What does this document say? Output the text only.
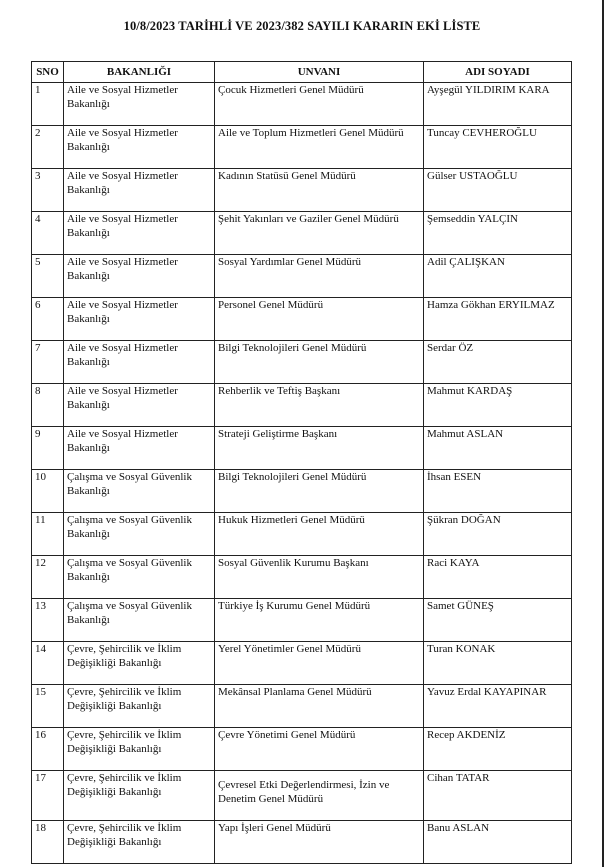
10/8/2023 TARİHLİ VE 2023/382 SAYILI KARARIN EKİ LİSTE
SNO	BAKANLIĞI	UNVANI	ADI SOYADI
1	Aile ve Sosyal Hizmetler Bakanlığı	Çocuk Hizmetleri Genel Müdürü	Ayşegül YILDIRIM KARA
2	Aile ve Sosyal Hizmetler Bakanlığı	Aile ve Toplum Hizmetleri Genel Müdürü	Tuncay CEVHEROĞLU
3	Aile ve Sosyal Hizmetler Bakanlığı	Kadının Statüsü Genel Müdürü	Gülser USTAOĞLU
4	Aile ve Sosyal Hizmetler Bakanlığı	Şehit Yakınları ve Gaziler Genel Müdürü	Şemseddin YALÇIN
5	Aile ve Sosyal Hizmetler Bakanlığı	Sosyal Yardımlar Genel Müdürü	Adil ÇALIŞKAN
6	Aile ve Sosyal Hizmetler Bakanlığı	Personel Genel Müdürü	Hamza Gökhan ERYILMAZ
7	Aile ve Sosyal Hizmetler Bakanlığı	Bilgi Teknolojileri Genel Müdürü	Serdar ÖZ
8	Aile ve Sosyal Hizmetler Bakanlığı	Rehberlik ve Teftiş Başkanı	Mahmut KARDAŞ
9	Aile ve Sosyal Hizmetler Bakanlığı	Strateji Geliştirme Başkanı	Mahmut ASLAN
10	Çalışma ve Sosyal Güvenlik Bakanlığı	Bilgi Teknolojileri Genel Müdürü	İhsan ESEN
11	Çalışma ve Sosyal Güvenlik Bakanlığı	Hukuk Hizmetleri Genel Müdürü	Şükran DOĞAN
12	Çalışma ve Sosyal Güvenlik Bakanlığı	Sosyal Güvenlik Kurumu Başkanı	Raci KAYA
13	Çalışma ve Sosyal Güvenlik Bakanlığı	Türkiye İş Kurumu Genel Müdürü	Samet GÜNEŞ
14	Çevre, Şehircilik ve İklim Değişikliği Bakanlığı	Yerel Yönetimler Genel Müdürü	Turan KONAK
15	Çevre, Şehircilik ve İklim Değişikliği Bakanlığı	Mekânsal Planlama Genel Müdürü	Yavuz Erdal KAYAPINAR
16	Çevre, Şehircilik ve İklim Değişikliği Bakanlığı	Çevre Yönetimi Genel Müdürü	Recep AKDENİZ
17	Çevre, Şehircilik ve İklim Değişikliği Bakanlığı	Çevresel Etki Değerlendirmesi, İzin ve Denetim Genel Müdürü	Cihan TATAR
18	Çevre, Şehircilik ve İklim Değişikliği Bakanlığı	Yapı İşleri Genel Müdürü	Banu ASLAN
